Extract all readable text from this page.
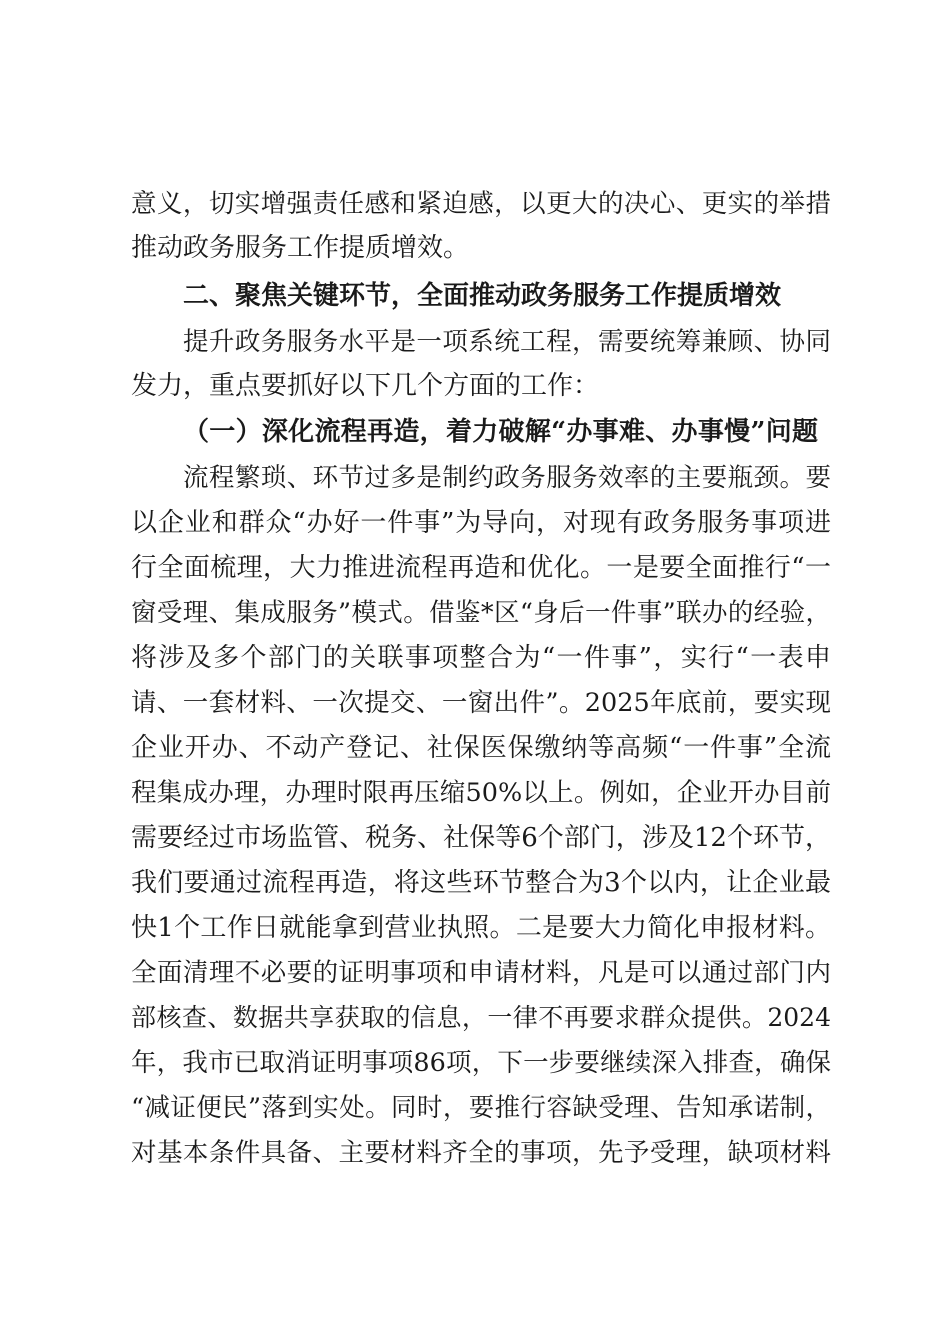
意义，切实增强责任感和紧迫感，以更大的决心、更实的举措
推动政务服务工作提质增效。
二、聚焦关键环节，全面推动政务服务工作提质增效
提升政务服务水平是一项系统工程，需要统筹兼顾、协同
发力，重点要抓好以下几个方面的工作：
（一）深化流程再造，着力破解“办事难、办事慢”问题
流程繁琐、环节过多是制约政务服务效率的主要瓶颈。要
以企业和群众“办好一件事”为导向，对现有政务服务事项进
行全面梳理，大力推进流程再造和优化。一是要全面推行“一
窗受理、集成服务”模式。借鉴*区“身后一件事”联办的经验，
将涉及多个部门的关联事项整合为“一件事”，实行“一表申
请、一套材料、一次提交、一窗出件”。2025年底前，要实现
企业开办、不动产登记、社保医保缴纳等高频“一件事”全流
程集成办理，办理时限再压缩50%以上。例如，企业开办目前
需要经过市场监管、税务、社保等6个部门，涉及12个环节，
我们要通过流程再造，将这些环节整合为3个以内，让企业最
快1个工作日就能拿到营业执照。二是要大力简化申报材料。
全面清理不必要的证明事项和申请材料，凡是可以通过部门内
部核查、数据共享获取的信息，一律不再要求群众提供。2024
年，我市已取消证明事项86项，下一步要继续深入排查，确保
“减证便民”落到实处。同时，要推行容缺受理、告知承诺制，
对基本条件具备、主要材料齐全的事项，先予受理，缺项材料
